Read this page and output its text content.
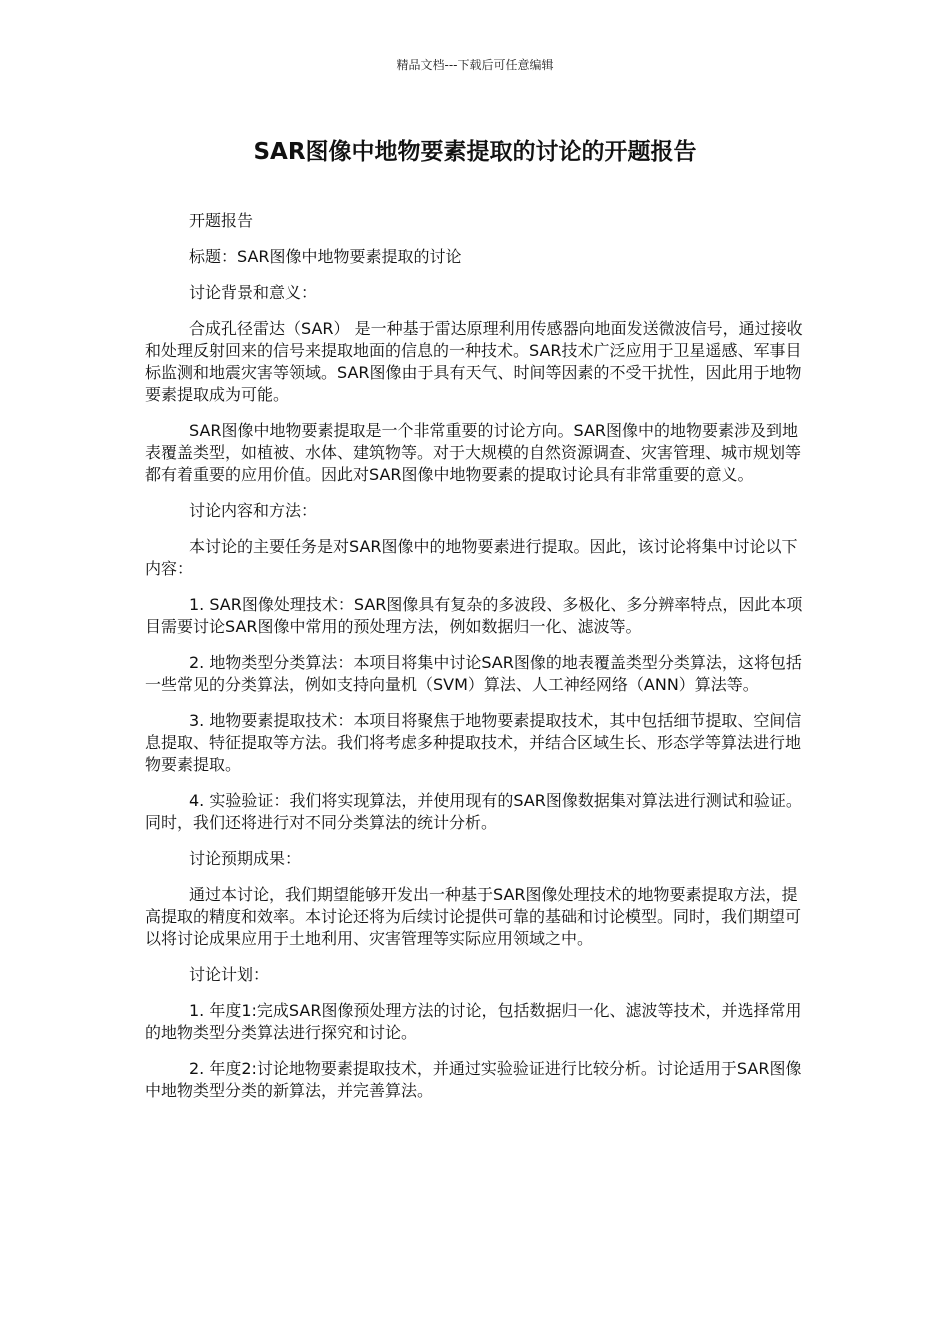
精品文档---下载后可任意编辑
SAR图像中地物要素提取的讨论的开题报告

开题报告

标题：SAR图像中地物要素提取的讨论

讨论背景和意义：

合成孔径雷达（SAR） 是一种基于雷达原理利用传感器向地面发送微波信号，通过接收和处理反射回来的信号来提取地面的信息的一种技术。SAR技术广泛应用于卫星遥感、军事目标监测和地震灾害等领域。SAR图像由于具有天气、时间等因素的不受干扰性，因此用于地物要素提取成为可能。

SAR图像中地物要素提取是一个非常重要的讨论方向。SAR图像中的地物要素涉及到地表覆盖类型，如植被、水体、建筑物等。对于大规模的自然资源调查、灾害管理、城市规划等都有着重要的应用价值。因此对SAR图像中地物要素的提取讨论具有非常重要的意义。

讨论内容和方法：

本讨论的主要任务是对SAR图像中的地物要素进行提取。因此，该讨论将集中讨论以下内容：

1. SAR图像处理技术：SAR图像具有复杂的多波段、多极化、多分辨率特点，因此本项目需要讨论SAR图像中常用的预处理方法，例如数据归一化、滤波等。

2. 地物类型分类算法：本项目将集中讨论SAR图像的地表覆盖类型分类算法，这将包括一些常见的分类算法，例如支持向量机（SVM）算法、人工神经网络（ANN）算法等。

3. 地物要素提取技术：本项目将聚焦于地物要素提取技术，其中包括细节提取、空间信息提取、特征提取等方法。我们将考虑多种提取技术，并结合区域生长、形态学等算法进行地物要素提取。

4. 实验验证：我们将实现算法，并使用现有的SAR图像数据集对算法进行测试和验证。同时，我们还将进行对不同分类算法的统计分析。

讨论预期成果：

通过本讨论，我们期望能够开发出一种基于SAR图像处理技术的地物要素提取方法，提高提取的精度和效率。本讨论还将为后续讨论提供可靠的基础和讨论模型。同时，我们期望可以将讨论成果应用于土地利用、灾害管理等实际应用领域之中。

讨论计划：

1. 年度1:完成SAR图像预处理方法的讨论，包括数据归一化、滤波等技术，并选择常用的地物类型分类算法进行探究和讨论。

2. 年度2:讨论地物要素提取技术，并通过实验验证进行比较分析。讨论适用于SAR图像中地物类型分类的新算法，并完善算法。
